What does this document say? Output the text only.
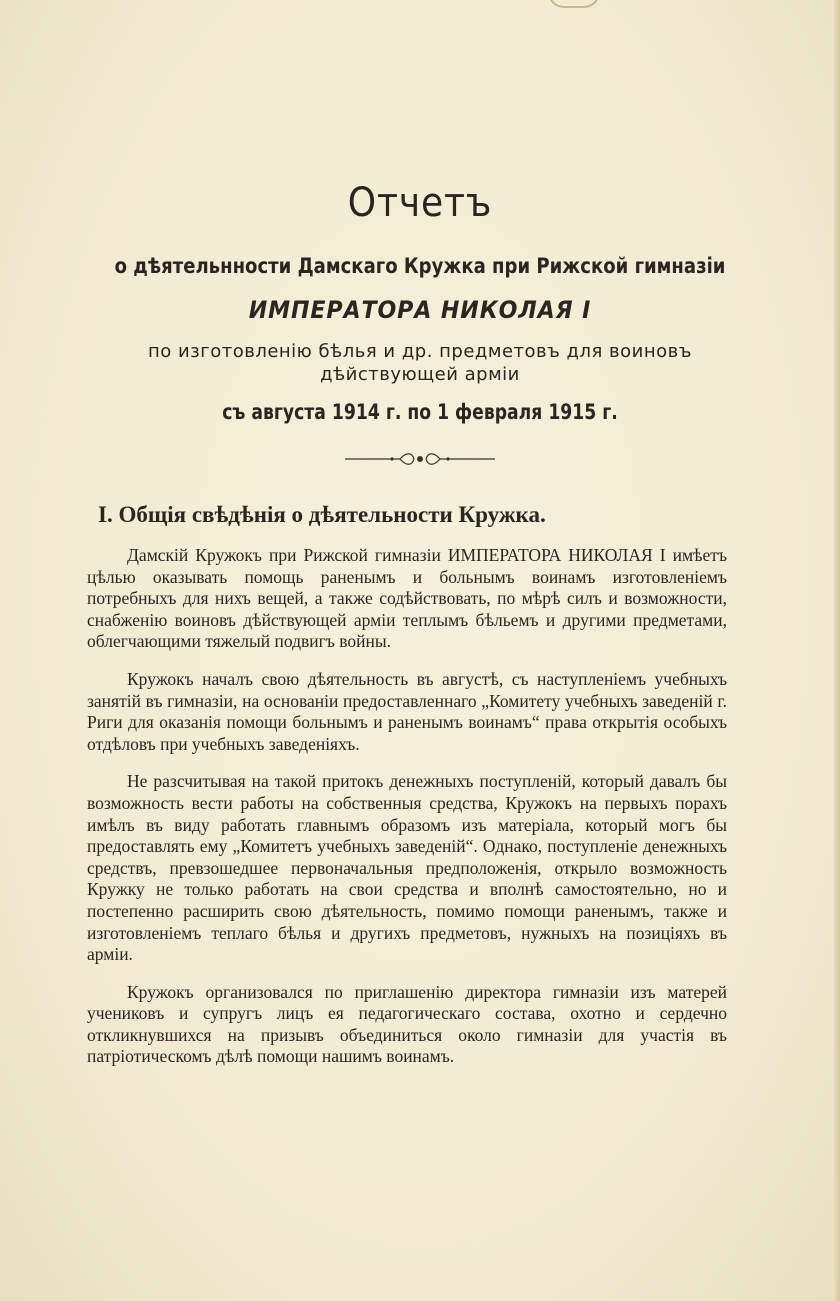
Отчетъ
о дѣятельнности Дамскаго Кружка при Рижской гимназіи
ИМПЕРАТОРА НИКОЛАЯ I
по изготовленію бѣлья и др. предметовъ для воиновъ
дѣйствующей арміи
съ августа 1914 г. по 1 февраля 1915 г.
I. Общія свѣдѣнія о дѣятельности Кружка.

Дамскій Кружокъ при Рижской гимназіи ИМПЕРАТОРА НИКОЛАЯ I имѣетъ цѣлью оказывать помощь раненымъ и больнымъ воинамъ изготовленіемъ потребныхъ для нихъ вещей, а также содѣйствовать, по мѣрѣ силъ и возможности, снабженію воиновъ дѣйствующей арміи теплымъ бѣльемъ и другими предметами, облегчающими тяжелый подвигъ войны.

Кружокъ началъ свою дѣятельность въ августѣ, съ наступленіемъ учебныхъ занятій въ гимназіи, на основаніи предоставленнаго „Комитету учебныхъ заведеній г. Риги для оказанія помощи больнымъ и раненымъ воинамъ“ права открытія особыхъ отдѣловъ при учебныхъ заведеніяхъ.

Не разсчитывая на такой притокъ денежныхъ поступленій, который давалъ бы возможность вести работы на собственныя средства, Кружокъ на первыхъ порахъ имѣлъ въ виду работать главнымъ образомъ изъ матеріала, который могъ бы предоставлять ему „Комитетъ учебныхъ заведеній“. Однако, поступленіе денежныхъ средствъ, превзошедшее первоначальныя предположенія, открыло возможность Кружку не только работать на свои средства и вполнѣ самостоятельно, но и постепенно расширить свою дѣятельность, помимо помощи раненымъ, также и изготовленіемъ теплаго бѣлья и другихъ предметовъ, нужныхъ на позиціяхъ въ арміи.

Кружокъ организовался по приглашенію директора гимназіи изъ матерей учениковъ и супругъ лицъ ея педагогическаго состава, охотно и сердечно откликнувшихся на призывъ объединиться около гимназіи для участія въ патріотическомъ дѣлѣ помощи нашимъ воинамъ.
